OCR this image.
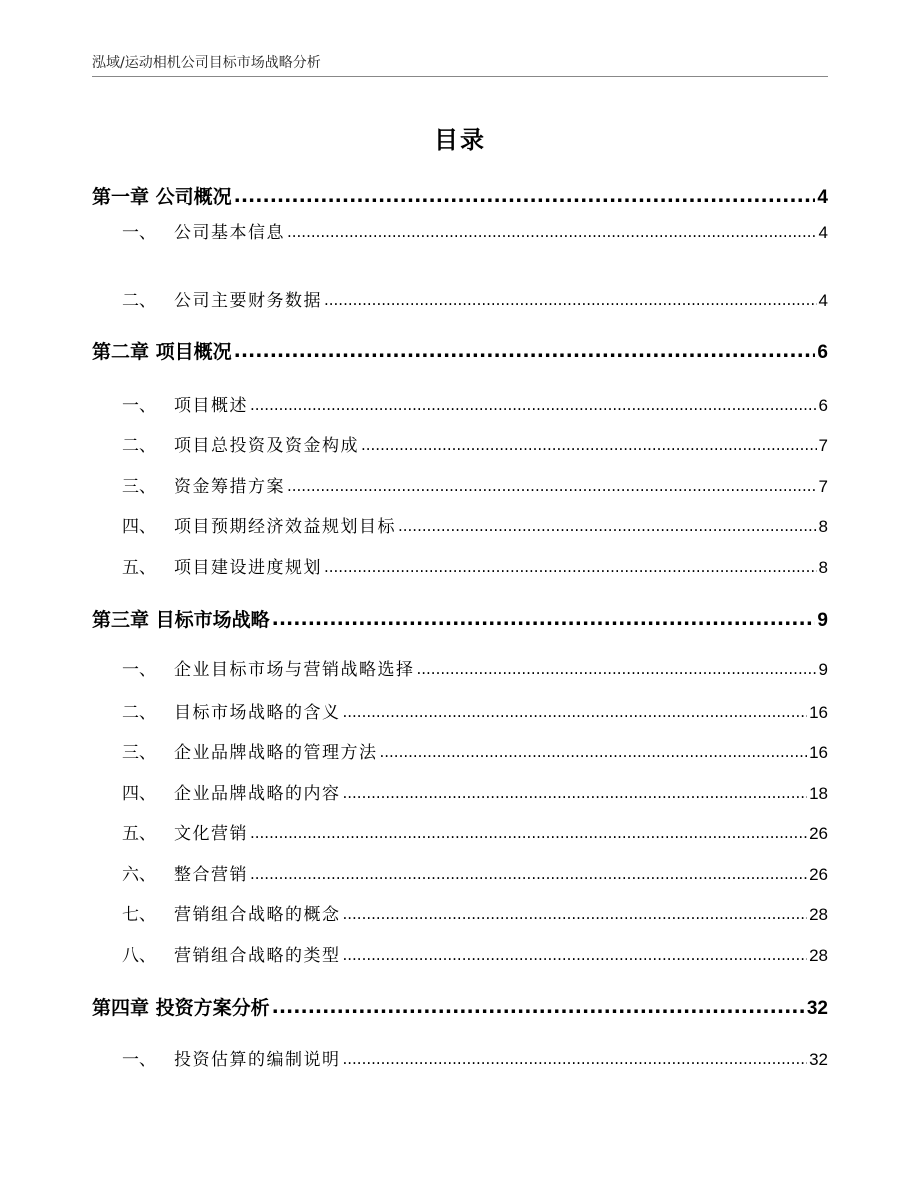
泓域/运动相机公司目标市场战略分析
目录
第一章 公司概况 .....	4
一、 公司基本信息 .....	4
二、 公司主要财务数据 .....	4
第二章 项目概况 .....	6
一、 项目概述 .....	6
二、 项目总投资及资金构成 .....	7
三、 资金筹措方案 .....	7
四、 项目预期经济效益规划目标 .....	8
五、 项目建设进度规划 .....	8
第三章 目标市场战略 .....	9
一、 企业目标市场与营销战略选择 .....	9
二、 目标市场战略的含义 .....	16
三、 企业品牌战略的管理方法 .....	16
四、 企业品牌战略的内容 .....	18
五、 文化营销 .....	26
六、 整合营销 .....	26
七、 营销组合战略的概念 .....	28
八、 营销组合战略的类型 .....	28
第四章 投资方案分析 .....	32
一、 投资估算的编制说明 .....	32
